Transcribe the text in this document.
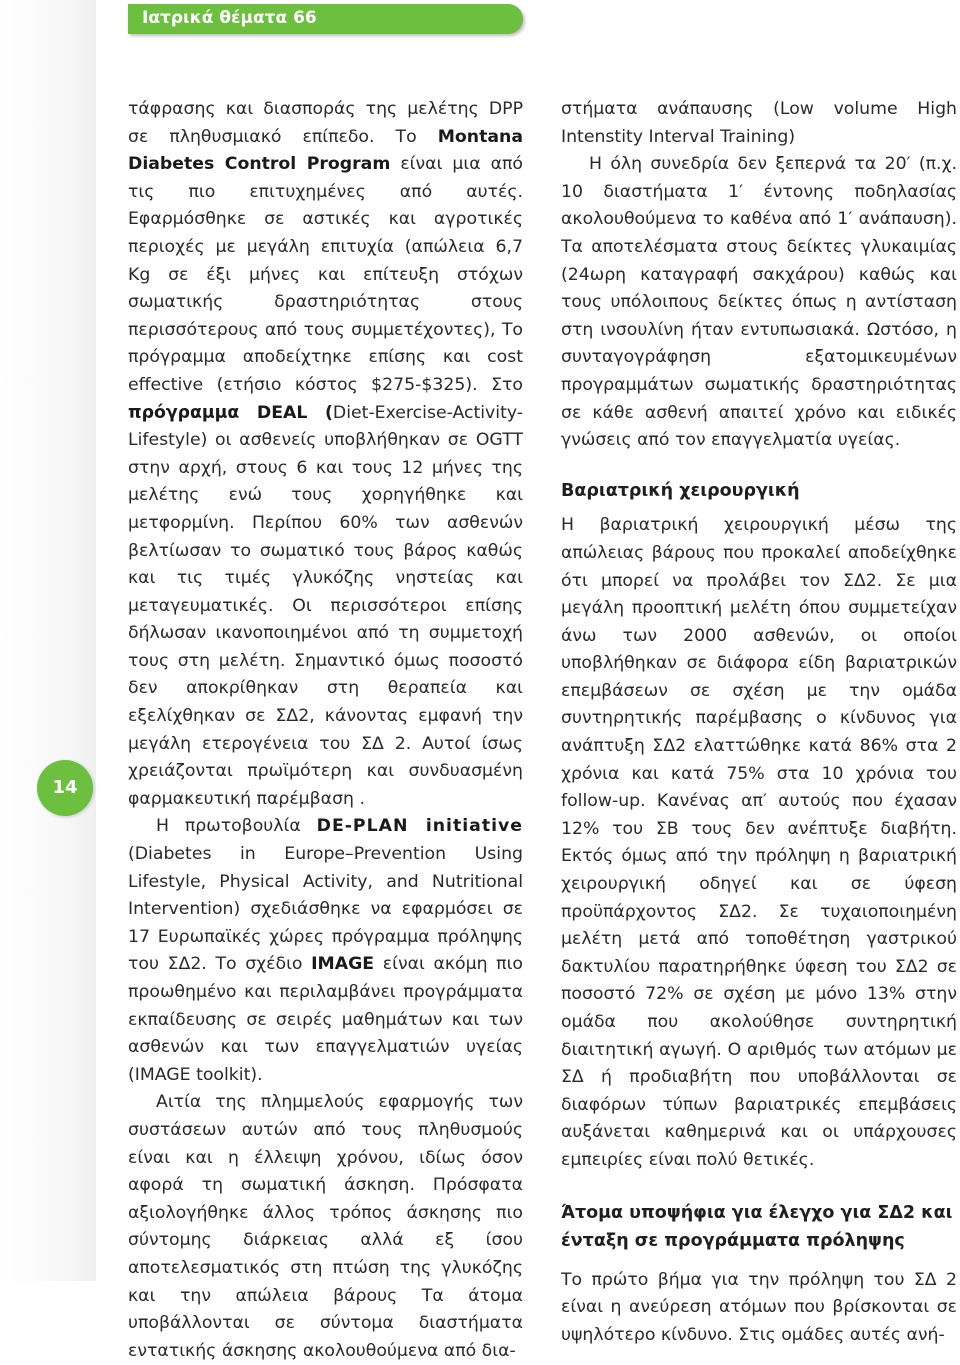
Ιατρικά θέματα 66
14

τάφρασης και διασποράς της μελέτης DPP σε πληθυσμιακό επίπεδο. Το Montana Diabetes Control Program είναι μια από τις πιο επιτυχημένες από αυτές. Εφαρμόσθηκε σε αστικές και αγροτικές περιοχές με μεγάλη επιτυχία (απώλεια 6,7 Kg σε έξι μήνες και επίτευξη στόχων σωματικής δραστηριότητας στους περισσότερους από τους συμμετέχοντες), Το πρόγραμμα αποδείχτηκε επίσης και cost effective (ετήσιο κόστος $275-$325). Στο πρόγραμμα DEAL (Diet-Exercise-Activity-Lifestyle) οι ασθενείς υποβλήθηκαν σε OGTT στην αρχή, στους 6 και τους 12 μήνες της μελέτης ενώ τους χορηγήθηκε και μετφορμίνη. Περίπου 60% των ασθενών βελτίωσαν το σωματικό τους βάρος καθώς και τις τιμές γλυκόζης νηστείας και μεταγευματικές. Οι περισσότεροι επίσης δήλωσαν ικανοποιημένοι από τη συμμετοχή τους στη μελέτη. Σημαντικό όμως ποσοστό δεν αποκρίθηκαν στη θεραπεία και εξελίχθηκαν σε ΣΔ2, κάνοντας εμφανή την μεγάλη ετερογένεια του ΣΔ 2. Αυτοί ίσως χρειάζονται πρωϊμότερη και συνδυασμένη φαρμακευτική παρέμβαση .

Η πρωτοβουλία DE-PLAN initiative (Diabetes in Europe–Prevention Using Lifestyle, Physical Activity, and Nutritional Intervention) σχεδιάσθηκε να εφαρμόσει σε 17 Ευρωπαϊκές χώρες πρόγραμμα πρόληψης του ΣΔ2. Το σχέδιο IMAGE είναι ακόμη πιο προωθημένο και περιλαμβάνει προγράμματα εκπαίδευσης σε σειρές μαθημάτων και των ασθενών και των επαγγελματιών υγείας (IMAGE toolkit).

Αιτία της πλημμελούς εφαρμογής των συστάσεων αυτών από τους πληθυσμούς είναι και η έλλειψη χρόνου, ιδίως όσον αφορά τη σωματική άσκηση. Πρόσφατα αξιολογήθηκε άλλος τρόπος άσκησης πιο σύντομης διάρκειας αλλά εξ ίσου αποτελεσματικός στη πτώση της γλυκόζης και την απώλεια βάρους Τα άτομα υποβάλλονται σε σύντομα διαστήματα εντατικής άσκησης ακολουθούμενα από δια-

στήματα ανάπαυσης (Low volume High Intenstity Interval Training)

Η όλη συνεδρία δεν ξεπερνά τα 20′ (π.χ. 10 διαστήματα 1′ έντονης ποδηλασίας ακολουθούμενα το καθένα από 1′ ανάπαυση). Τα αποτελέσματα στους δείκτες γλυκαιμίας (24ωρη καταγραφή σακχάρου) καθώς και τους υπόλοιπους δείκτες όπως η αντίσταση στη ινσουλίνη ήταν εντυπωσιακά. Ωστόσο, η συνταγογράφηση εξατομικευμένων προγραμμάτων σωματικής δραστηριότητας σε κάθε ασθενή απαιτεί χρόνο και ειδικές γνώσεις από τον επαγγελματία υγείας.

Βαριατρική χειρουργική

Η βαριατρική χειρουργική μέσω της απώλειας βάρους που προκαλεί αποδείχθηκε ότι μπορεί να προλάβει τον ΣΔ2. Σε μια μεγάλη προοπτική μελέτη όπου συμμετείχαν άνω των 2000 ασθενών, οι οποίοι υποβλήθηκαν σε διάφορα είδη βαριατρικών επεμβάσεων σε σχέση με την ομάδα συντηρητικής παρέμβασης ο κίνδυνος για ανάπτυξη ΣΔ2 ελαττώθηκε κατά 86% στα 2 χρόνια και κατά 75% στα 10 χρόνια του follow-up. Κανένας απ′ αυτούς που έχασαν 12% του ΣΒ τους δεν ανέπτυξε διαβήτη. Εκτός όμως από την πρόληψη η βαριατρική χειρουργική οδηγεί και σε ύφεση προϋπάρχοντος ΣΔ2. Σε τυχαιοποιημένη μελέτη μετά από τοποθέτηση γαστρικού δακτυλίου παρατηρήθηκε ύφεση του ΣΔ2 σε ποσοστό 72% σε σχέση με μόνο 13% στην ομάδα που ακολούθησε συντηρητική διαιτητική αγωγή. Ο αριθμός των ατόμων με ΣΔ ή προδιαβήτη που υποβάλλονται σε διαφόρων τύπων βαριατρικές επεμβάσεις αυξάνεται καθημερινά και οι υπάρχουσες εμπειρίες είναι πολύ θετικές.

Άτομα υποψήφια για έλεγχο για ΣΔ2 και ένταξη σε προγράμματα πρόληψης

Το πρώτο βήμα για την πρόληψη του ΣΔ 2 είναι η ανεύρεση ατόμων που βρίσκονται σε υψηλότερο κίνδυνο. Στις ομάδες αυτές ανή-
